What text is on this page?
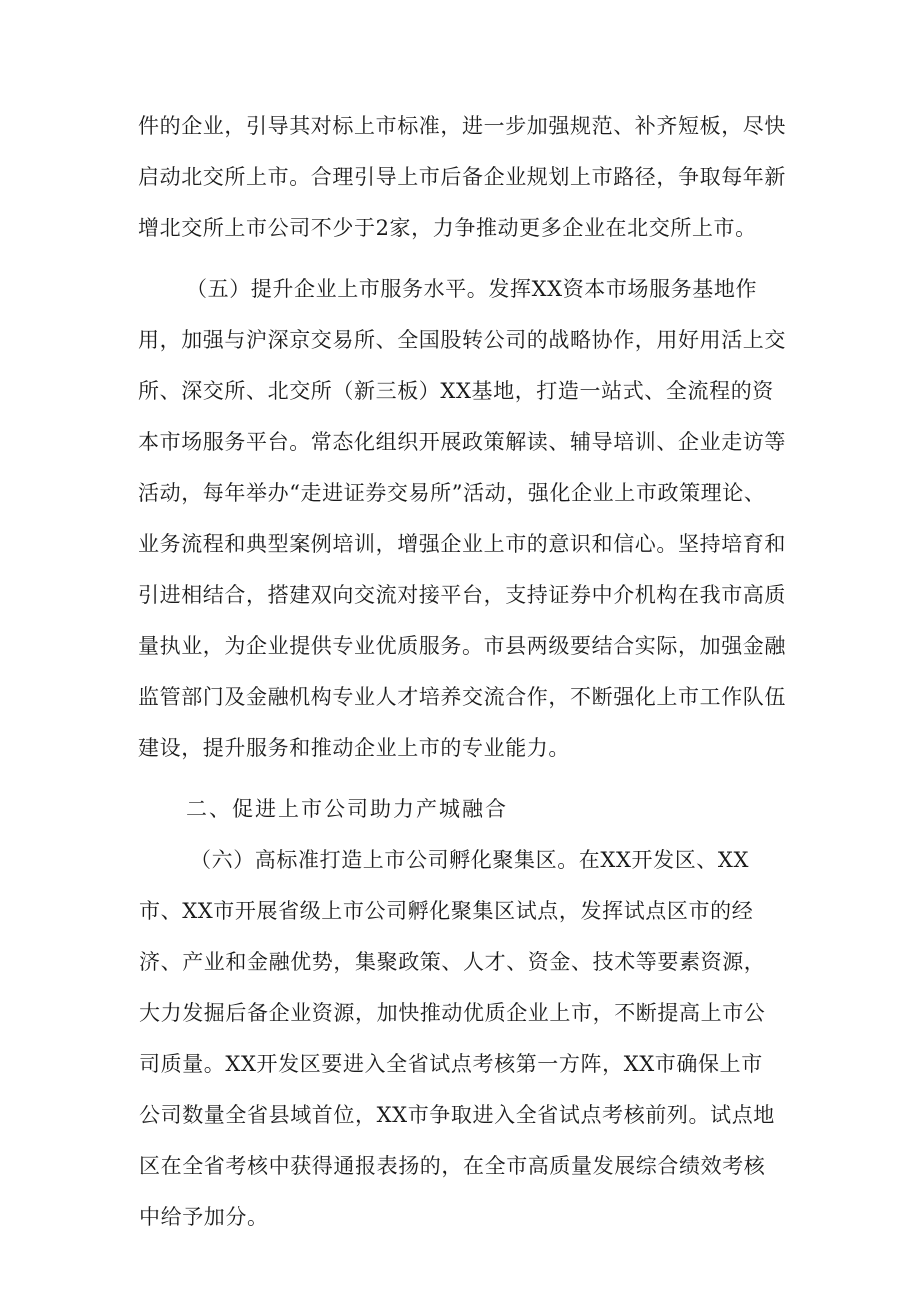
件的企业，引导其对标上市标准，进一步加强规范、补齐短板，尽快

启动北交所上市。合理引导上市后备企业规划上市路径，争取每年新

增北交所上市公司不少于2家，力争推动更多企业在北交所上市。

（五）提升企业上市服务水平。发挥XX资本市场服务基地作

用，加强与沪深京交易所、全国股转公司的战略协作，用好用活上交

所、深交所、北交所（新三板）XX基地，打造一站式、全流程的资

本市场服务平台。常态化组织开展政策解读、辅导培训、企业走访等

活动，每年举办“走进证券交易所”活动，强化企业上市政策理论、

业务流程和典型案例培训，增强企业上市的意识和信心。坚持培育和

引进相结合，搭建双向交流对接平台，支持证券中介机构在我市高质

量执业，为企业提供专业优质服务。市县两级要结合实际，加强金融

监管部门及金融机构专业人才培养交流合作，不断强化上市工作队伍

建设，提升服务和推动企业上市的专业能力。

二、促进上市公司助力产城融合

（六）高标准打造上市公司孵化聚集区。在XX开发区、XX

市、XX市开展省级上市公司孵化聚集区试点，发挥试点区市的经

济、产业和金融优势，集聚政策、人才、资金、技术等要素资源，

大力发掘后备企业资源，加快推动优质企业上市，不断提高上市公

司质量。XX开发区要进入全省试点考核第一方阵，XX市确保上市

公司数量全省县域首位，XX市争取进入全省试点考核前列。试点地

区在全省考核中获得通报表扬的，在全市高质量发展综合绩效考核

中给予加分。
